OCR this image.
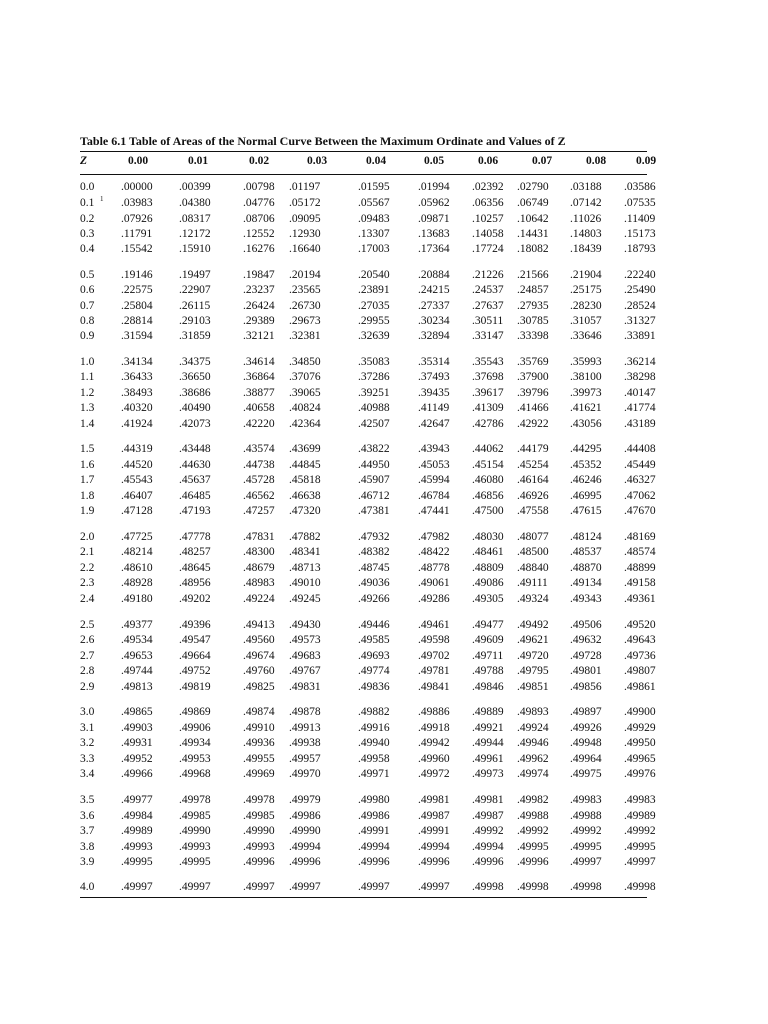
Table 6.1 Table of Areas of the Normal Curve Between the Maximum Ordinate and Values of Z
Z	0.00	0.01	0.02	0.03	0.04	0.05	0.06	0.07	0.08	0.09
0.0 .00000 .00399	.00798 .01197	.01595 .01994 .02392 .02790 .03188 .03586
0.1 1 .03983 .04380	.04776 .05172	.05567 .05962 .06356 .06749 .07142 .07535
0.2 .07926 .08317	.08706 .09095	.09483 .09871 .10257 .10642 .11026 .11409
0.3 .11791 .12172	.12552 .12930	.13307 .13683 .14058 .14431 .14803 .15173
0.4 .15542 .15910	.16276 .16640	.17003 .17364 .17724 .18082 .18439 .18793
0.5 .19146 .19497	.19847 .20194	.20540 .20884 .21226 .21566 .21904 .22240
0.6 .22575 .22907	.23237 .23565	.23891 .24215 .24537 .24857 .25175 .25490
0.7 .25804 .26115	.26424 .26730	.27035 .27337 .27637 .27935 .28230 .28524
0.8 .28814 .29103	.29389 .29673	.29955 .30234 .30511 .30785 .31057 .31327
0.9 .31594 .31859	.32121 .32381	.32639 .32894 .33147 .33398 .33646 .33891
1.0 .34134 .34375	.34614 .34850	.35083 .35314 .35543 .35769 .35993 .36214
1.1 .36433 .36650	.36864 .37076	.37286 .37493 .37698 .37900 .38100 .38298
1.2 .38493 .38686	.38877 .39065	.39251 .39435 .39617 .39796 .39973 .40147
1.3 .40320 .40490	.40658 .40824	.40988 .41149 .41309 .41466 .41621 .41774
1.4 .41924 .42073	.42220 .42364	.42507 .42647 .42786 .42922 .43056 .43189
1.5 .44319 .43448	.43574 .43699	.43822 .43943 .44062 .44179 .44295 .44408
1.6 .44520 .44630	.44738 .44845	.44950 .45053 .45154 .45254 .45352 .45449
1.7 .45543 .45637	.45728 .45818	.45907 .45994 .46080 .46164 .46246 .46327
1.8 .46407 .46485	.46562 .46638	.46712 .46784 .46856 .46926 .46995 .47062
1.9 .47128 .47193	.47257 .47320	.47381 .47441 .47500 .47558 .47615 .47670
2.0 .47725 .47778	.47831 .47882	.47932 .47982 .48030 .48077 .48124 .48169
2.1 .48214 .48257	.48300 .48341	.48382 .48422 .48461 .48500 .48537 .48574
2.2 .48610 .48645	.48679 .48713	.48745 .48778 .48809 .48840 .48870 .48899
2.3 .48928 .48956	.48983 .49010	.49036 .49061 .49086 .49111 .49134 .49158
2.4 .49180 .49202	.49224 .49245	.49266 .49286 .49305 .49324 .49343 .49361
2.5 .49377 .49396	.49413 .49430	.49446 .49461 .49477 .49492 .49506 .49520
2.6 .49534 .49547	.49560 .49573	.49585 .49598 .49609 .49621 .49632 .49643
2.7 .49653 .49664	.49674 .49683	.49693 .49702 .49711 .49720 .49728 .49736
2.8 .49744 .49752	.49760 .49767	.49774 .49781 .49788 .49795 .49801 .49807
2.9 .49813 .49819	.49825 .49831	.49836 .49841 .49846 .49851 .49856 .49861
3.0 .49865 .49869	.49874 .49878	.49882 .49886 .49889 .49893 .49897 .49900
3.1 .49903 .49906	.49910 .49913	.49916 .49918 .49921 .49924 .49926 .49929
3.2 .49931 .49934	.49936 .49938	.49940 .49942 .49944 .49946 .49948 .49950
3.3 .49952 .49953	.49955 .49957	.49958 .49960 .49961 .49962 .49964 .49965
3.4 .49966 .49968	.49969 .49970	.49971 .49972 .49973 .49974 .49975 .49976
3.5 .49977 .49978	.49978 .49979	.49980 .49981 .49981 .49982 .49983 .49983
3.6 .49984 .49985	.49985 .49986	.49986 .49987 .49987 .49988 .49988 .49989
3.7 .49989 .49990	.49990 .49990	.49991 .49991 .49992 .49992 .49992 .49992
3.8 .49993 .49993	.49993 .49994	.49994 .49994 .49994 .49995 .49995 .49995
3.9 .49995 .49995	.49996 .49996	.49996 .49996 .49996 .49996 .49997 .49997
4.0 .49997 .49997	.49997 .49997	.49997 .49997 .49998 .49998 .49998 .49998
